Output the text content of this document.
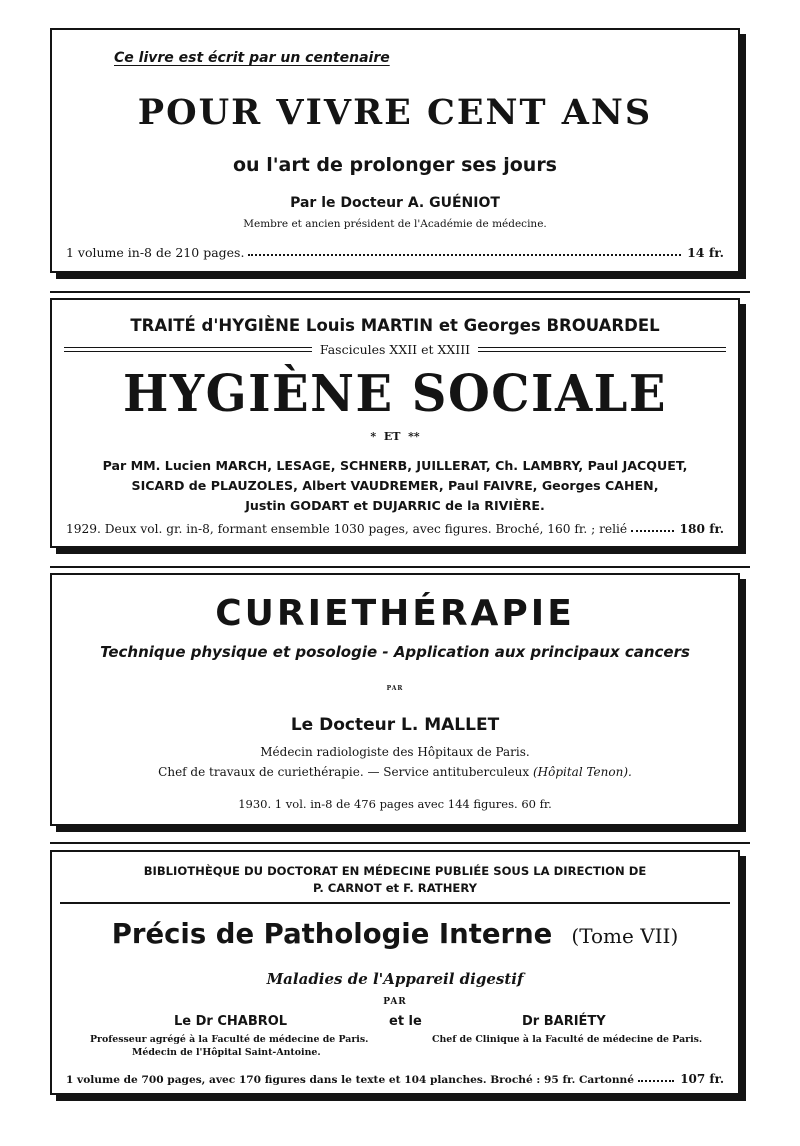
Ce livre est écrit par un centenaire
POUR VIVRE CENT ANS
ou l'art de prolonger ses jours
Par le Docteur A. GUÉNIOT
Membre et ancien président de l'Académie de médecine.
1 volume in-8 de 210 pages.	14 fr.
TRAITÉ d'HYGIÈNE Louis MARTIN et Georges BROUARDEL
Fascicules XXII et XXIII
HYGIÈNE SOCIALE
*  ET  **
Par MM. Lucien MARCH, LESAGE, SCHNERB, JUILLERAT, Ch. LAMBRY, Paul JACQUET,
SICARD de PLAUZOLES, Albert VAUDREMER, Paul FAIVRE, Georges CAHEN,
Justin GODART et DUJARRIC de la RIVIÈRE.
1929. Deux vol. gr. in-8, formant ensemble 1030 pages, avec figures. Broché, 160 fr. ; relié	180 fr.
CURIETHÉRAPIE
Technique physique et posologie - Application aux principaux cancers
PAR
Le Docteur L. MALLET
Médecin radiologiste des Hôpitaux de Paris.
Chef de travaux de curiethérapie. — Service antituberculeux (Hôpital Tenon).
1930. 1 vol. in-8 de 476 pages avec 144 figures. 60 fr.
BIBLIOTHÈQUE DU DOCTORAT EN MÉDECINE PUBLIÉE SOUS LA DIRECTION DE
P. CARNOT et F. RATHERY
Précis de Pathologie Interne (Tome VII)
Maladies de l'Appareil digestif
PAR
Le Dr CHABROL	et le	Dr BARIÉTY
Professeur agrégé à la Faculté de médecine de Paris.
Médecin de l'Hôpital Saint-Antoine.
Chef de Clinique à la Faculté de médecine de Paris.
1 volume de 700 pages, avec 170 figures dans le texte et 104 planches. Broché : 95 fr. Cartonné	107 fr.
